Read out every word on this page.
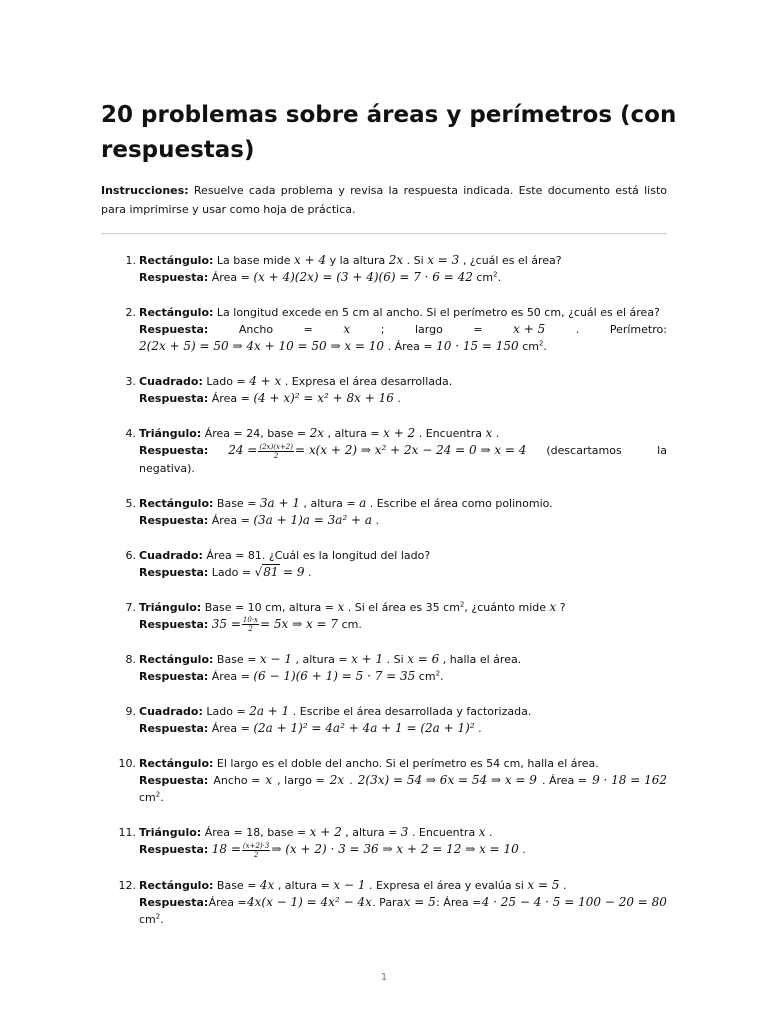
20 problemas sobre áreas y perímetros (con respuestas)

Instrucciones: Resuelve cada problema y revisa la respuesta indicada. Este documento está listo para imprimirse y usar como hoja de práctica.

1. Rectángulo: La base mide x + 4 y la altura 2x . Si x = 3 , ¿cuál es el área?
Respuesta: Área = (x + 4)(2x) = (3 + 4)(6) = 7 · 6 = 42 $cm^2$.
2. Rectángulo: La longitud excede en 5 cm al ancho. Si el perímetro es 50 cm, ¿cuál es el área?
Respuesta:	Ancho	=	x	;	largo	=	x + 5	.	Perímetro:
2(2x + 5) = 50 ⇒ 4x + 10 = 50 ⇒ x = 10 . Área = 10 · 15 = 150 $cm^2$.
3. Cuadrado: Lado = 4 + x . Expresa el área desarrollada.
Respuesta: Área = (4 + x)² = x² + 8x + 16 .
4. Triángulo: Área = 24, base = 2x , altura = x + 2 . Encuentra x .
Respuesta: $24 = \frac{(2x)(x+2)}{2} = x(x + 2)$ ⇒ x² + 2x − 24 = 0 ⇒ x = 4 (descartamos la
negativa).
5. Rectángulo: Base = 3a + 1 , altura = a . Escribe el área como polinomio.
Respuesta: Área = (3a + 1)a = 3a² + a .
6. Cuadrado: Área = 81. ¿Cuál es la longitud del lado?
Respuesta: Lado = √81 = 9 .
7. Triángulo: Base = 10 cm, altura = x . Si el área es 35 $cm^2$, ¿cuánto mide x ?
Respuesta: $35 = \frac{10\cdot x}{2} = 5x$ ⇒ x = 7 cm.
8. Rectángulo: Base = x − 1 , altura = x + 1 . Si x = 6 , halla el área.
Respuesta: Área = (6 − 1)(6 + 1) = 5 · 7 = 35 $cm^2$.
9. Cuadrado: Lado = 2a + 1 . Escribe el área desarrollada y factorizada.
Respuesta: Área = (2a + 1)² = 4a² + 4a + 1 = (2a + 1)² .
10. Rectángulo: El largo es el doble del ancho. Si el perímetro es 54 cm, halla el área.
Respuesta: Ancho = x , largo = 2x . 2(3x) = 54 ⇒ 6x = 54 ⇒ x = 9 . Área = 9 · 18 = 162
$cm^2$.
11. Triángulo: Área = 18, base = x + 2 , altura = 3 . Encuentra x .
Respuesta: $18 = \frac{(x+2)\cdot 3}{2}$ ⇒ (x + 2) · 3 = 36 ⇒ x + 2 = 12 ⇒ x = 10 .
12. Rectángulo: Base = 4x , altura = x − 1 . Expresa el área y evalúa si x = 5 .
Respuesta: Área = 4x(x − 1) = 4x² − 4x . Para x = 5 : Área = 4 · 25 − 4 · 5 = 100 − 20 = 80
$cm^2$.
1
